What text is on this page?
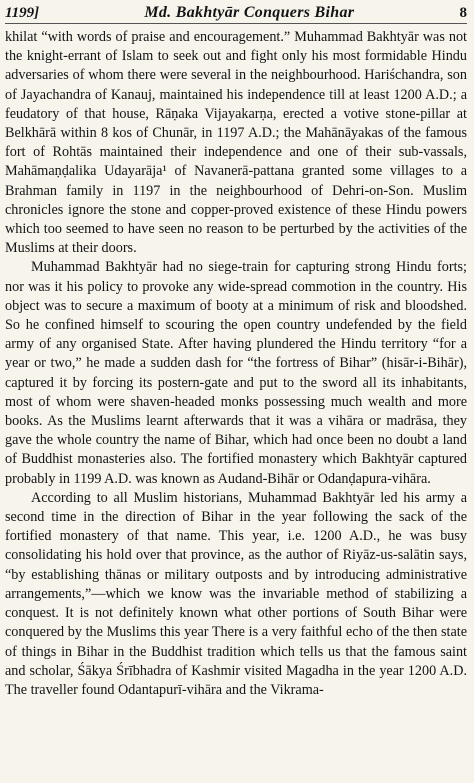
1199]	Md. Bakhtyār Conquers Bihar	8

khilat “with words of praise and encouragement.” Muhammad Bakhtyār was not the knight-errant of Islam to seek out and fight only his most formidable Hindu adversaries of whom there were several in the neighbourhood. Hariśchandra, son of Jayachandra of Kanauj, maintained his independence till at least 1200 A.D.; a feudatory of that house, Rāṇaka Vijayakarṇa, erected a votive stone-pillar at Belkhārā within 8 kos of Chunār, in 1197 A.D.; the Mahānāyakas of the famous fort of Rohtās maintained their independence and one of their sub-vassals, Mahāmaṇḍalika Udayarāja¹ of Navanerā-pattana granted some villages to a Brahman family in 1197 in the neighbourhood of Dehri-on-Son. Muslim chronicles ignore the stone and copper-proved existence of these Hindu powers which too seemed to have seen no reason to be perturbed by the activities of the Muslims at their doors.

Muhammad Bakhtyār had no siege-train for capturing strong Hindu forts; nor was it his policy to provoke any wide-spread commotion in the country. His object was to secure a maximum of booty at a minimum of risk and bloodshed. So he confined himself to scouring the open country undefended by the field army of any organised State. After having plundered the Hindu territory “for a year or two,” he made a sudden dash for “the fortress of Bihar” (hisār-i-Bihār), captured it by forcing its postern-gate and put to the sword all its inhabitants, most of whom were shaven-headed monks possessing much wealth and more books. As the Muslims learnt afterwards that it was a vihāra or madrāsa, they gave the whole country the name of Bihar, which had once been no doubt a land of Buddhist monasteries also. The fortified monastery which Bakhtyār captured probably in 1199 A.D. was known as Audand-Bihār or Odanḍapura-vihāra.

According to all Muslim historians, Muhammad Bakhtyār led his army a second time in the direction of Bihar in the year following the sack of the fortified monastery of that name. This year, i.e. 1200 A.D., he was busy consolidating his hold over that province, as the author of Riyāz-us-salātin says, “by establishing thānas or military outposts and by introducing administrative arrangements,”—which we know was the invariable method of stabilizing a conquest. It is not definitely known what other portions of South Bihar were conquered by the Muslims this year There is a very faithful echo of the then state of things in Bihar in the Buddhist tradition which tells us that the famous saint and scholar, Śākya Śrībhadra of Kashmir visited Magadha in the year 1200 A.D. The traveller found Odantapurī-vihāra and the Vikrama-
